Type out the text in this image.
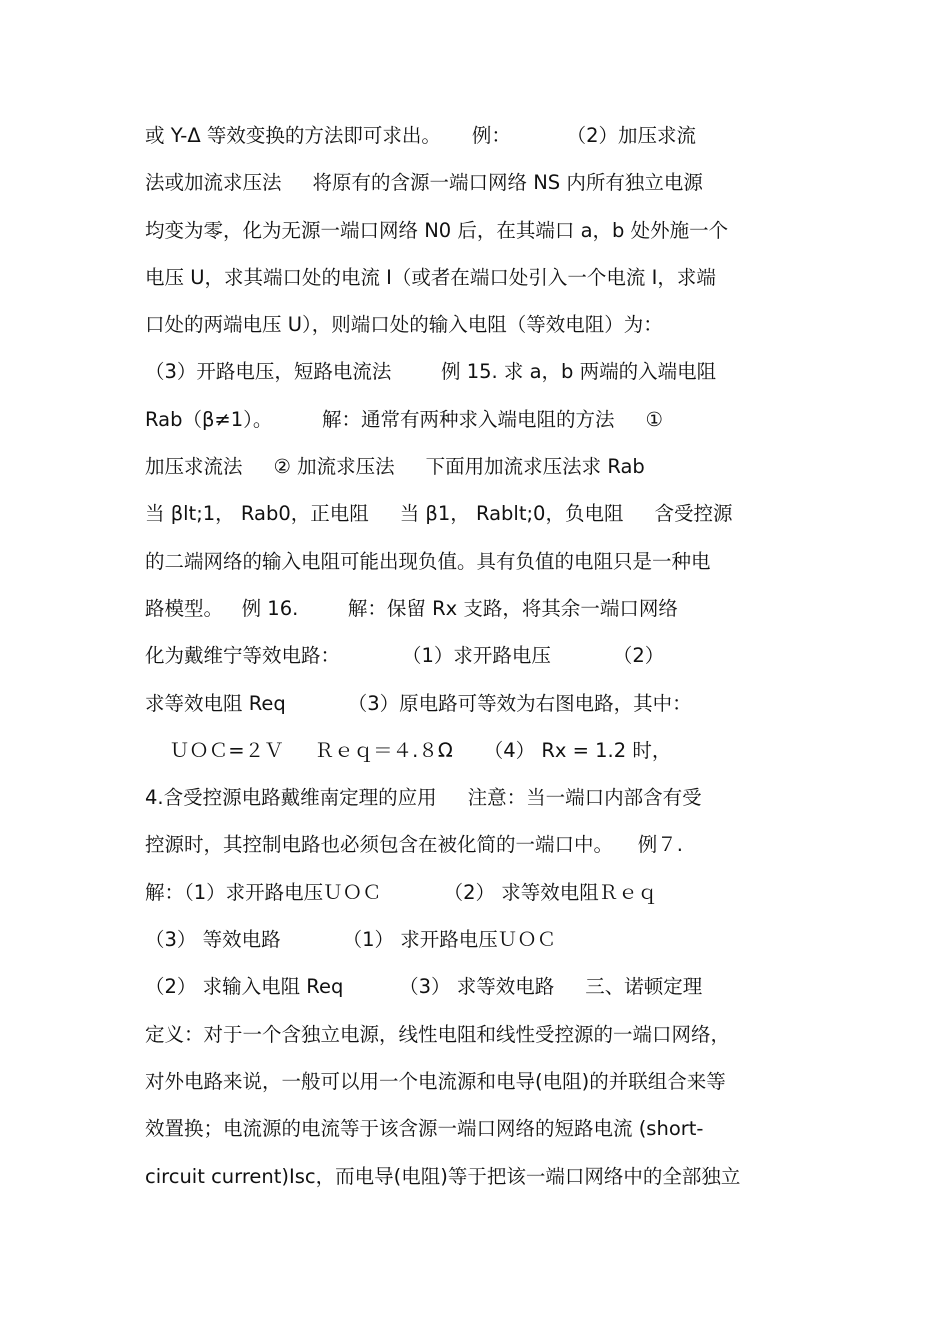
或 Y-Δ 等效变换的方法即可求出。     例：         （2）加压求流
法或加流求压法     将原有的含源一端口网络 NS 内所有独立电源
均变为零，化为无源一端口网络 N0 后，在其端口 a，b 处外施一个
电压 U，求其端口处的电流 I（或者在端口处引入一个电流 I，求端
口处的两端电压 U），则端口处的输入电阻（等效电阻）为：
（3）开路电压，短路电流法        例 15. 求 a，b 两端的入端电阻
Rab（β≠1）。        解：通常有两种求入端电阻的方法     ①
加压求流法     ② 加流求压法     下面用加流求压法求 Rab
当 βlt;1， Rab0，正电阻     当 β1， Rablt;0，负电阻     含受控源
的二端网络的输入电阻可能出现负值。具有负值的电阻只是一种电
路模型。   例 16.        解：保留 Rx 支路，将其余一端口网络
化为戴维宁等效电路：          （1）求开路电压          （2）
求等效电阻 Req          （3）原电路可等效为右图电路，其中：
ＵＯＣ=２Ｖ     Ｒｅｑ＝４.８Ω     （4） Rx = 1.2 时，
4.含受控源电路戴维南定理的应用     注意：当一端口内部含有受
控源时，其控制电路也必须包含在被化简的一端口中。    例７.
解：（1）求开路电压ＵＯＣ          （2） 求等效电阻Ｒｅｑ
（3） 等效电路          （1） 求开路电压ＵＯＣ
（2） 求输入电阻 Req         （3） 求等效电路     三、诺顿定理
定义：对于一个含独立电源，线性电阻和线性受控源的一端口网络，
对外电路来说，一般可以用一个电流源和电导(电阻)的并联组合来等
效置换；电流源的电流等于该含源一端口网络的短路电流 (short-
circuit current)Isc，而电导(电阻)等于把该一端口网络中的全部独立
